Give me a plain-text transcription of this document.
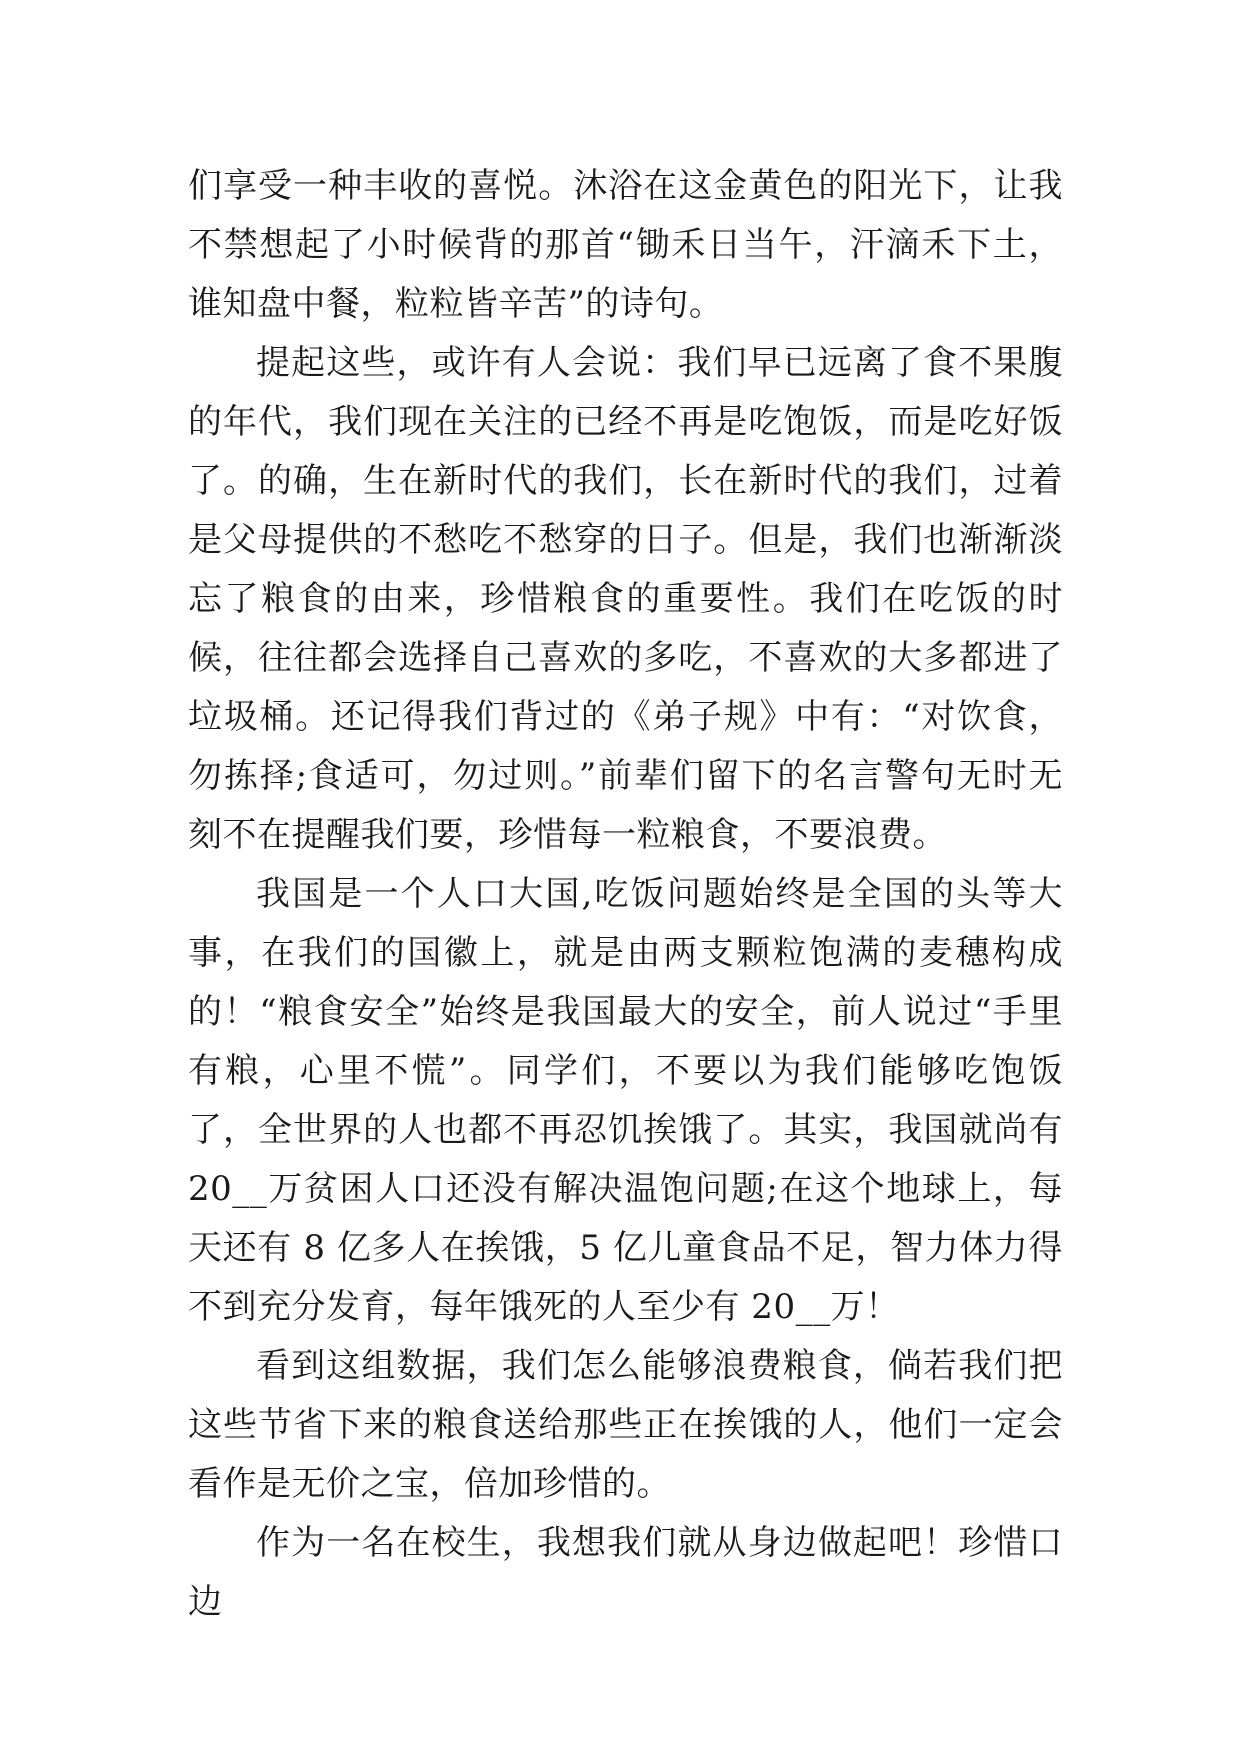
们享受一种丰收的喜悦。沐浴在这金黄色的阳光下，让我不禁想起了小时候背的那首“锄禾日当午，汗滴禾下土，谁知盘中餐，粒粒皆辛苦”的诗句。

提起这些，或许有人会说：我们早已远离了食不果腹的年代，我们现在关注的已经不再是吃饱饭，而是吃好饭了。的确，生在新时代的我们，长在新时代的我们，过着是父母提供的不愁吃不愁穿的日子。但是，我们也渐渐淡忘了粮食的由来，珍惜粮食的重要性。我们在吃饭的时候，往往都会选择自己喜欢的多吃，不喜欢的大多都进了垃圾桶。还记得我们背过的《弟子规》中有：“对饮食，勿拣择;食适可，勿过则。”前辈们留下的名言警句无时无刻不在提醒我们要，珍惜每一粒粮食，不要浪费。

我国是一个人口大国,吃饭问题始终是全国的头等大事，在我们的国徽上，就是由两支颗粒饱满的麦穗构成的！“粮食安全”始终是我国最大的安全，前人说过“手里有粮，心里不慌”。同学们，不要以为我们能够吃饱饭了，全世界的人也都不再忍饥挨饿了。其实，我国就尚有 20__万贫困人口还没有解决温饱问题;在这个地球上，每天还有 8 亿多人在挨饿，5 亿儿童食品不足，智力体力得不到充分发育，每年饿死的人至少有 20__万！

看到这组数据，我们怎么能够浪费粮食，倘若我们把这些节省下来的粮食送给那些正在挨饿的人，他们一定会看作是无价之宝，倍加珍惜的。

作为一名在校生，我想我们就从身边做起吧！珍惜口边
